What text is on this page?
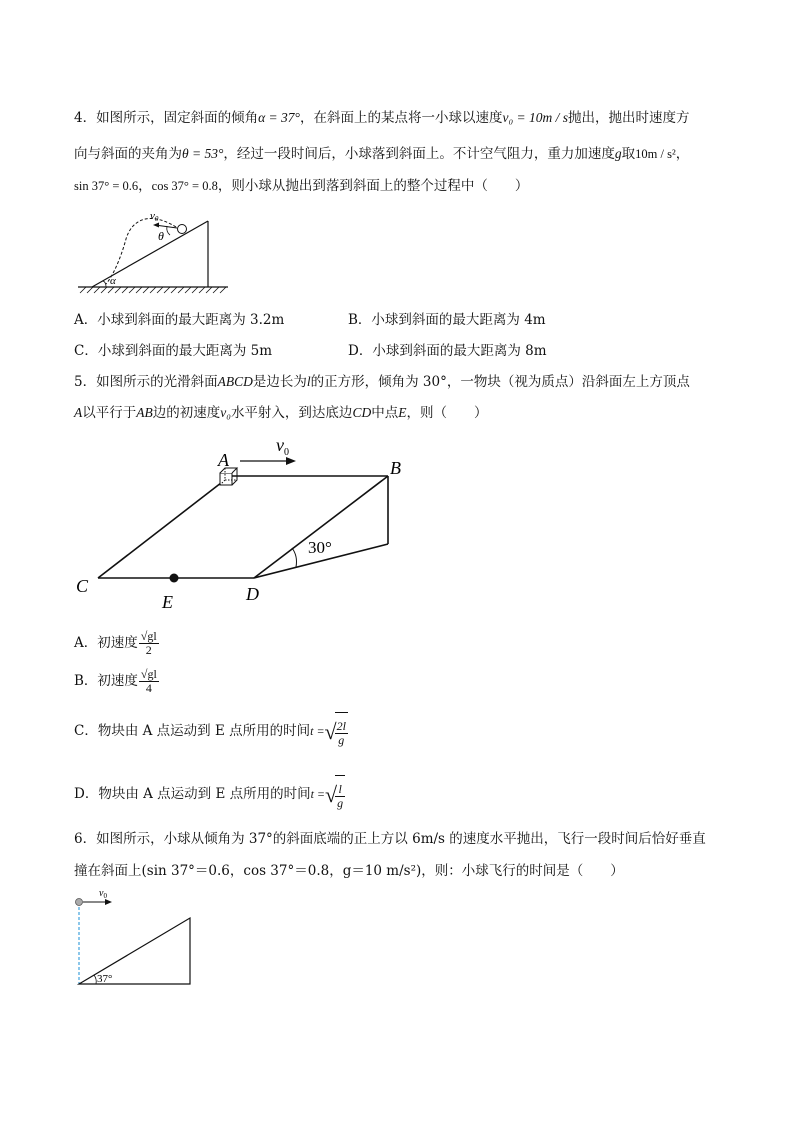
4．如图所示，固定斜面的倾角α = 37°，在斜面上的某点将一小球以速度v₀ = 10m / s抛出，抛出时速度方
向与斜面的夹角为θ = 53°，经过一段时间后，小球落到斜面上。不计空气阻力，重力加速度g取10m / s²，
sin 37° = 0.6，cos 37° = 0.8，则小球从抛出到落到斜面上的整个过程中（　　）
v0
θ
α
A．小球到斜面的最大距离为 3.2m	B．小球到斜面的最大距离为 4m
C．小球到斜面的最大距离为 5m	D．小球到斜面的最大距离为 8m
5．如图所示的光滑斜面ABCD是边长为l的正方形，倾角为 30°，一物块（视为质点）沿斜面左上方顶点
A以平行于AB边的初速度v₀水平射入，到达底边CD中点E，则（　　）
30°
$v_0$
A	B
C	D
E
A．初速度 $\frac{√gl}{2}$
B．初速度 $\frac{√gl}{4}$
C．物块由 A 点运动到 E 点所用的时间t =√
$\frac{2l}{g}$
D．物块由 A 点运动到 E 点所用的时间t =√
$\frac{l}{g}$
6．如图所示，小球从倾角为 37°的斜面底端的正上方以 6m/s 的速度水平抛出，飞行一段时间后恰好垂直
撞在斜面上(sin 37°＝0.6，cos 37°＝0.8，g＝10 m/s²)，则：小球飞行的时间是（　　）
$v_0$
37°
